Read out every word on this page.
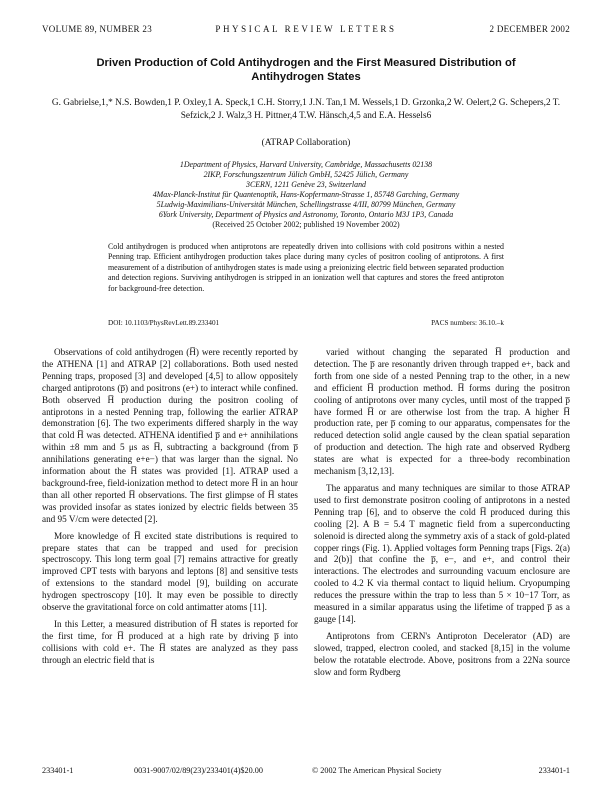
VOLUME 89, NUMBER 23	PHYSICAL REVIEW LETTERS	2 DECEMBER 2002
Driven Production of Cold Antihydrogen and the First Measured Distribution of Antihydrogen States
G. Gabrielse,1,* N.S. Bowden,1 P. Oxley,1 A. Speck,1 C.H. Storry,1 J.N. Tan,1 M. Wessels,1 D. Grzonka,2 W. Oelert,2 G. Schepers,2 T. Sefzick,2 J. Walz,3 H. Pittner,4 T.W. Hänsch,4,5 and E.A. Hessels6
(ATRAP Collaboration)
1Department of Physics, Harvard University, Cambridge, Massachusetts 02138
2IKP, Forschungszentrum Jülich GmbH, 52425 Jülich, Germany
3CERN, 1211 Genève 23, Switzerland
4Max-Planck-Institut für Quantenoptik, Hans-Kopfermann-Strasse 1, 85748 Garching, Germany
5Ludwig-Maximilians-Universität München, Schellingstrasse 4/III, 80799 München, Germany
6York University, Department of Physics and Astronomy, Toronto, Ontario M3J 1P3, Canada
(Received 25 October 2002; published 19 November 2002)
Cold antihydrogen is produced when antiprotons are repeatedly driven into collisions with cold positrons within a nested Penning trap. Efficient antihydrogen production takes place during many cycles of positron cooling of antiprotons. A first measurement of a distribution of antihydrogen states is made using a preionizing electric field between separated production and detection regions. Surviving antihydrogen is stripped in an ionization well that captures and stores the freed antiproton for background-free detection.
DOI: 10.1103/PhysRevLett.89.233401	PACS numbers: 36.10.–k

Observations of cold antihydrogen (H̅) were recently reported by the ATHENA [1] and ATRAP [2] collaborations. Both used nested Penning traps, proposed [3] and developed [4,5] to allow oppositely charged antiprotons (p̅) and positrons (e+) to interact while confined. Both observed H̅ production during the positron cooling of antiprotons in a nested Penning trap, following the earlier ATRAP demonstration [6]. The two experiments differed sharply in the way that cold H̅ was detected. ATHENA identified p̅ and e+ annihilations within ±8 mm and 5 μs as H̅, subtracting a background (from p̅ annihilations generating e+e−) that was larger than the signal. No information about the H̅ states was provided [1]. ATRAP used a background-free, field-ionization method to detect more H̅ in an hour than all other reported H̅ observations. The first glimpse of H̅ states was provided insofar as states ionized by electric fields between 35 and 95 V/cm were detected [2].

More knowledge of H̅ excited state distributions is required to prepare states that can be trapped and used for precision spectroscopy. This long term goal [7] remains attractive for greatly improved CPT tests with baryons and leptons [8] and sensitive tests of extensions to the standard model [9], building on accurate hydrogen spectroscopy [10]. It may even be possible to directly observe the gravitational force on cold antimatter atoms [11].

In this Letter, a measured distribution of H̅ states is reported for the first time, for H̅ produced at a high rate by driving p̅ into collisions with cold e+. The H̅ states are analyzed as they pass through an electric field that is

varied without changing the separated H̅ production and detection. The p̅ are resonantly driven through trapped e+, back and forth from one side of a nested Penning trap to the other, in a new and efficient H̅ production method. H̅ forms during the positron cooling of antiprotons over many cycles, until most of the trapped p̅ have formed H̅ or are otherwise lost from the trap. A higher H̅ production rate, per p̅ coming to our apparatus, compensates for the reduced detection solid angle caused by the clean spatial separation of production and detection. The high rate and observed Rydberg states are what is expected for a three-body recombination mechanism [3,12,13].

The apparatus and many techniques are similar to those ATRAP used to first demonstrate positron cooling of antiprotons in a nested Penning trap [6], and to observe the cold H̅ produced during this cooling [2]. A B = 5.4 T magnetic field from a superconducting solenoid is directed along the symmetry axis of a stack of gold-plated copper rings (Fig. 1). Applied voltages form Penning traps [Figs. 2(a) and 2(b)] that confine the p̅, e−, and e+, and control their interactions. The electrodes and surrounding vacuum enclosure are cooled to 4.2 K via thermal contact to liquid helium. Cryopumping reduces the pressure within the trap to less than 5 × 10−17 Torr, as measured in a similar apparatus using the lifetime of trapped p̅ as a gauge [14].

Antiprotons from CERN's Antiproton Decelerator (AD) are slowed, trapped, electron cooled, and stacked [8,15] in the volume below the rotatable electrode. Above, positrons from a 22Na source slow and form Rydberg

233401-1	0031-9007/02/89(23)/233401(4)$20.00	© 2002 The American Physical Society	233401-1
